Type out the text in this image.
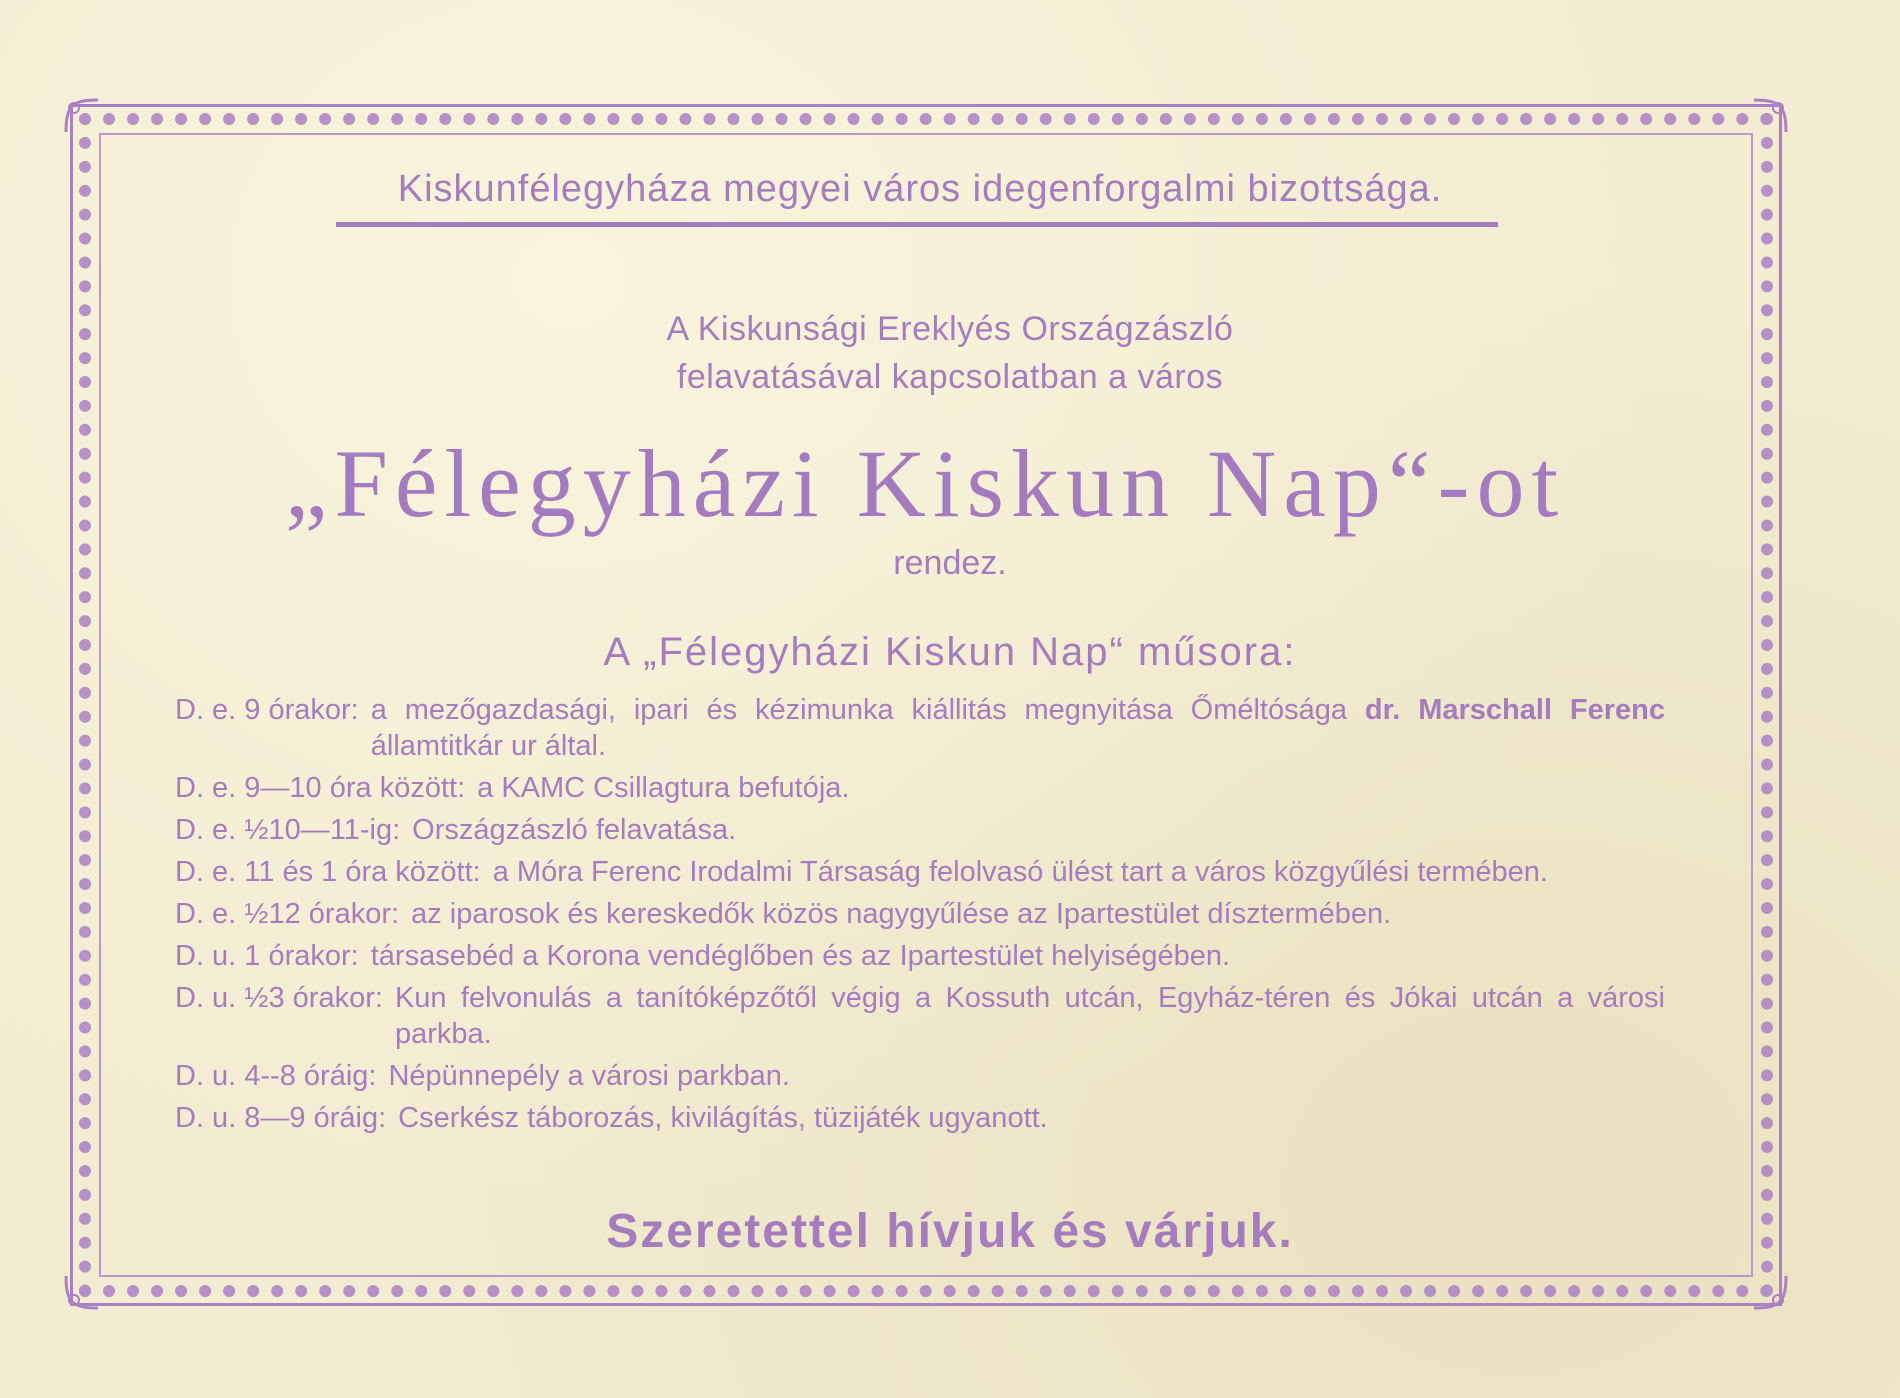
Kiskunfélegyháza megyei város idegenforgalmi bizottsága.
A Kiskunsági Ereklyés Országzászló
felavatásával kapcsolatban a város
„Félegyházi Kiskun Nap“-ot
rendez.
A „Félegyházi Kiskun Nap“ műsora:
D. e. 9 órakor: a mezőgazdasági, ipari és kézimunka kiállitás megnyitása Őméltósága dr. Marschall Ferenc államtitkár ur által.
D. e. 9—10 óra között: a KAMC Csillagtura befutója.
D. e. ½10—11-ig: Országzászló felavatása.
D. e. 11 és 1 óra között: a Móra Ferenc Irodalmi Társaság felolvasó ülést tart a város közgyűlési termében.
D. e. ½12 órakor: az iparosok és kereskedők közös nagygyűlése az Ipartestület dísztermében.
D. u. 1 órakor: társasebéd a Korona vendéglőben és az Ipartestület helyiségében.
D. u. ½3 órakor: Kun felvonulás a tanítóképzőtől végig a Kossuth utcán, Egyház-téren és Jókai utcán a városi parkba.
D. u. 4--8 óráig: Népünnepély a városi parkban.
D. u. 8—9 óráig: Cserkész táborozás, kivilágítás, tüzijáték ugyanott.
Szeretettel hívjuk és várjuk.
